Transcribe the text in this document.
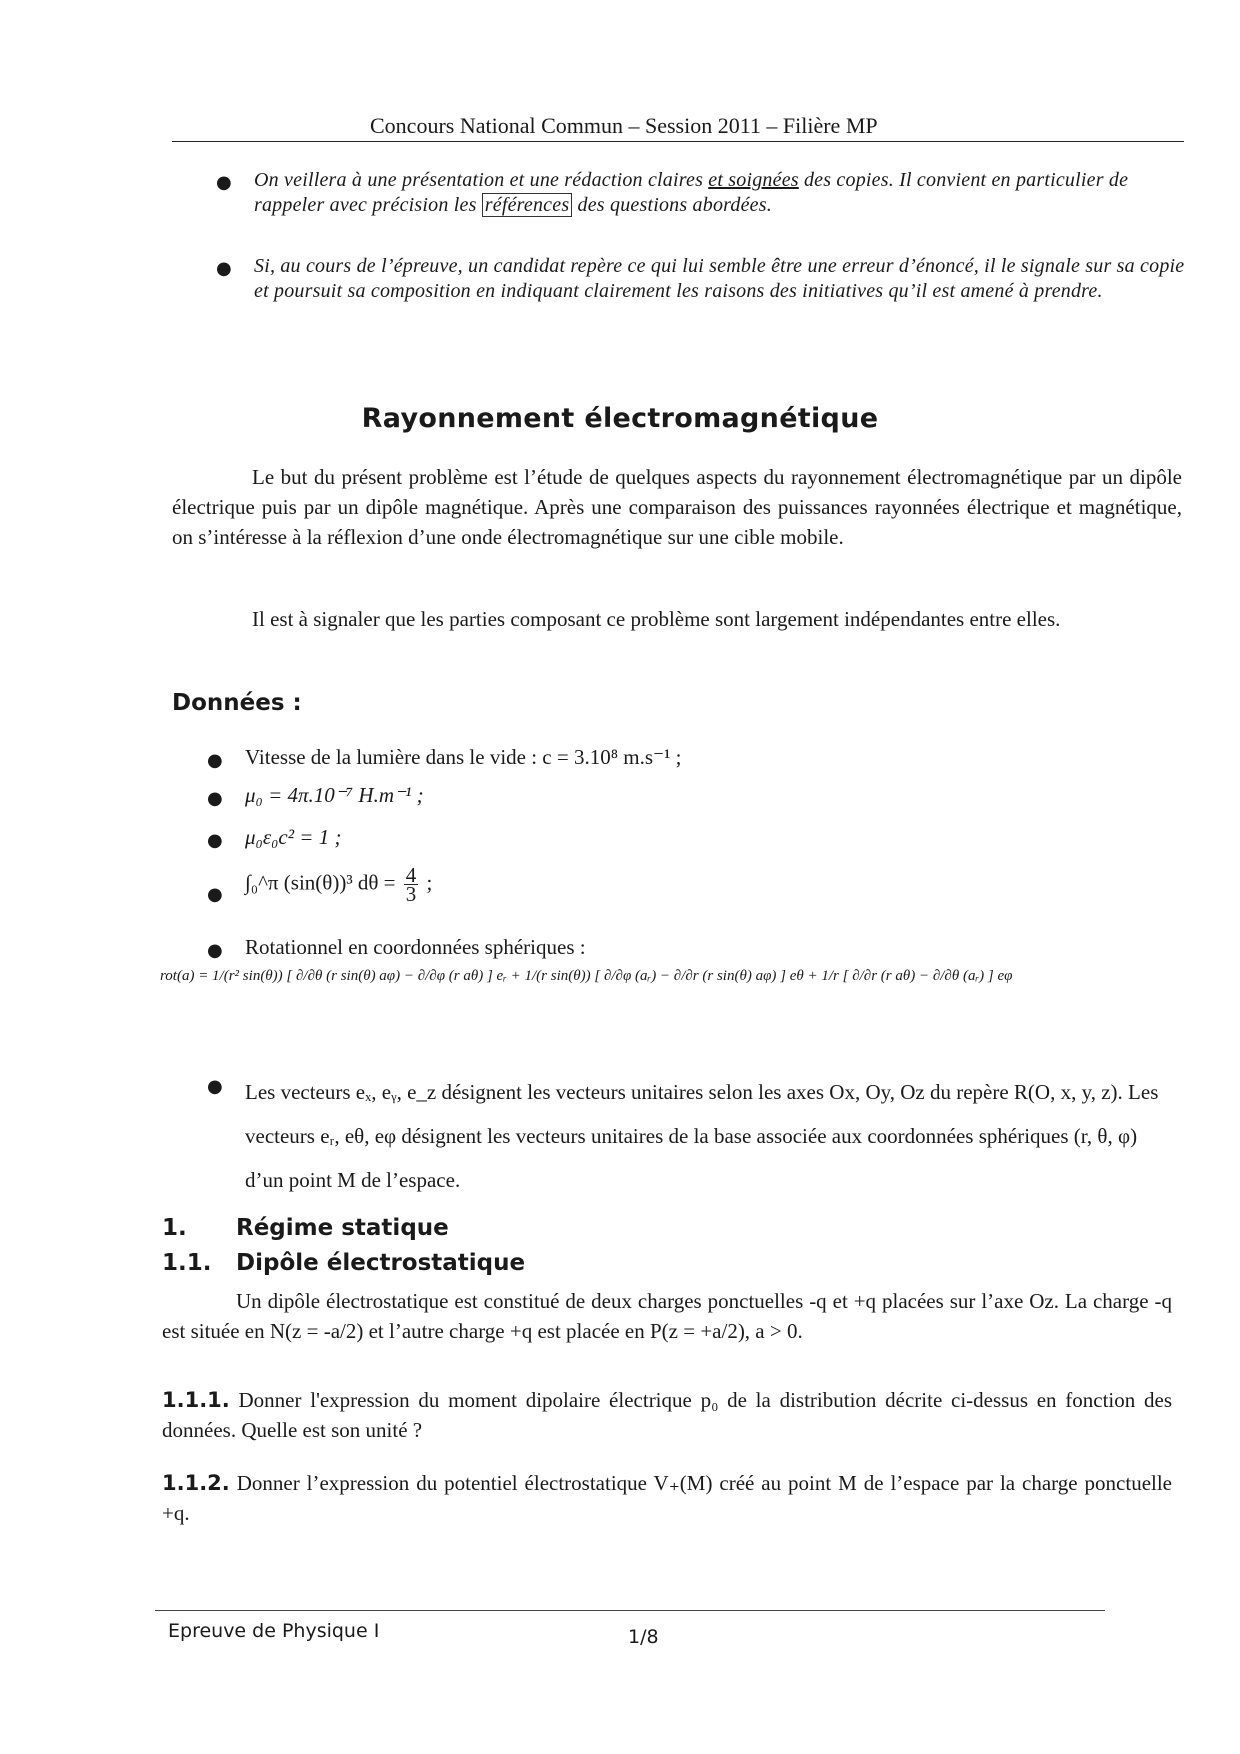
Concours National Commun – Session 2011 – Filière MP
● On veillera à une présentation et une rédaction claires et soignées des copies. Il convient en particulier de rappeler avec précision les références des questions abordées.
● Si, au cours de l’épreuve, un candidat repère ce qui lui semble être une erreur d’énoncé, il le signale sur sa copie et poursuit sa composition en indiquant clairement les raisons des initiatives qu’il est amené à prendre.
Rayonnement électromagnétique
Le but du présent problème est l’étude de quelques aspects du rayonnement électromagnétique par un dipôle électrique puis par un dipôle magnétique. Après une comparaison des puissances rayonnées électrique et magnétique, on s’intéresse à la réflexion d’une onde électromagnétique sur une cible mobile.
Il est à signaler que les parties composant ce problème sont largement indépendantes entre elles.
Données :
● Vitesse de la lumière dans le vide : c = 3.10⁸ m.s⁻¹ ;
● μ₀ = 4π.10⁻⁷ H.m⁻¹ ;
● μ₀ε₀c² = 1 ;
●
∫₀^π (sin(θ))³ $d\theta = \frac{4}{3}$ ;
● Rotationnel en coordonnées sphériques :
rot(a) = 1/(r² sin(θ)) [ ∂/∂θ (r sin(θ) aφ) − ∂/∂φ (r aθ) ] eᵣ + 1/(r sin(θ)) [ ∂/∂φ (aᵣ) − ∂/∂r (r sin(θ) aφ) ] eθ + 1/r [ ∂/∂r (r aθ) − ∂/∂θ (aᵣ) ] eφ
● Les vecteurs eₓ, eᵧ, e_z désignent les vecteurs unitaires selon les axes Ox, Oy, Oz du repère R(O, x, y, z). Les vecteurs eᵣ, eθ, eφ désignent les vecteurs unitaires de la base associée aux coordonnées sphériques (r, θ, φ) d’un point M de l’espace.
1. Régime statique
1.1. Dipôle électrostatique
Un dipôle électrostatique est constitué de deux charges ponctuelles -q et +q placées sur l’axe Oz. La charge -q est située en N(z = -a/2) et l’autre charge +q est placée en P(z = +a/2), a > 0.
1.1.1. Donner l'expression du moment dipolaire électrique p₀ de la distribution décrite ci-dessus en fonction des données. Quelle est son unité ?
1.1.2. Donner l’expression du potentiel électrostatique V₊(M) créé au point M de l’espace par la charge ponctuelle +q.
Epreuve de Physique I	1/8
